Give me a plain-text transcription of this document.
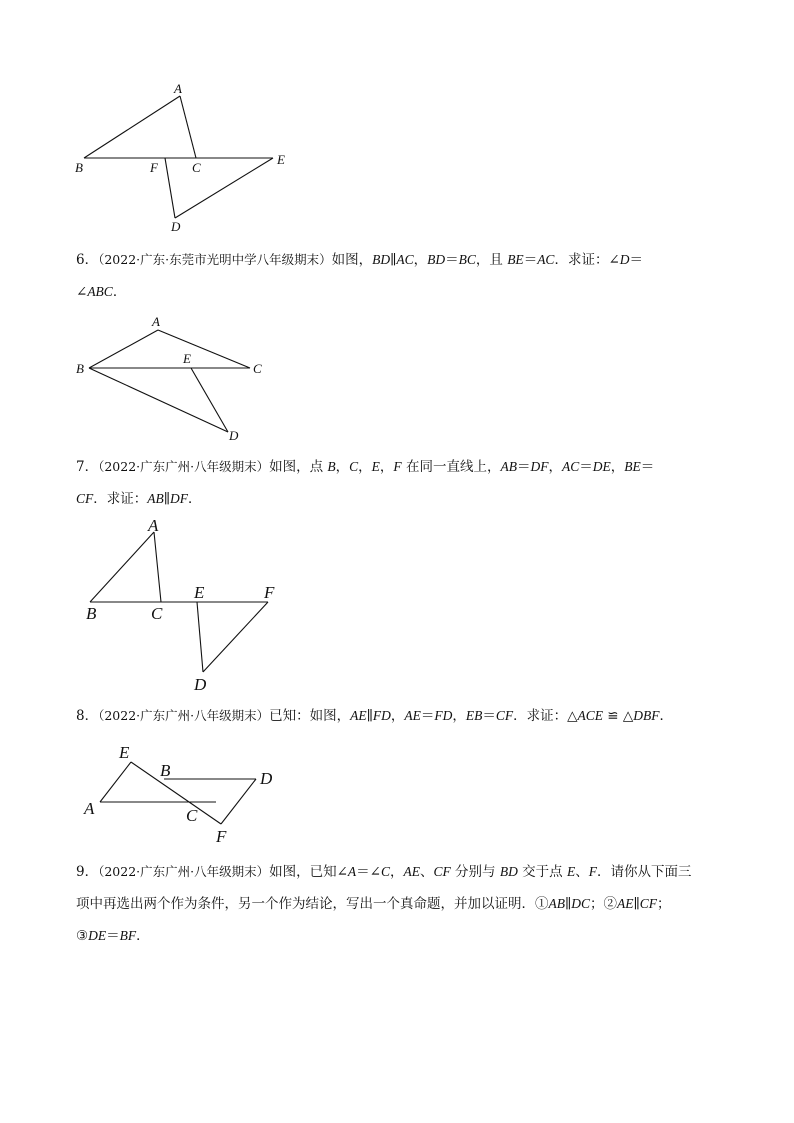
A
B	F	C
E
D
6．（2022·广东·东莞市光明中学八年级期末）如图，BD∥AC，BD＝BC，且 BE＝AC．求证：∠D＝
∠ABC．
A
B
E
C
D
7．（2022·广东广州·八年级期末）如图，点 B，C，E，F 在同一直线上，AB＝DF，AC＝DE，BE＝
CF．求证：AB∥DF．
A
B	C
E	F
D
8．（2022·广东广州·八年级期末）已知：如图，AE∥FD，AE＝FD，EB＝CF．求证：△ACE ≌ △DBF．
E
B	D
A	C
F
9．（2022·广东广州·八年级期末）如图，已知∠A＝∠C，AE、CF 分别与 BD 交于点 E、F．请你从下面三
项中再选出两个作为条件，另一个作为结论，写出一个真命题，并加以证明．①AB∥DC；②AE∥CF；
③DE＝BF．
